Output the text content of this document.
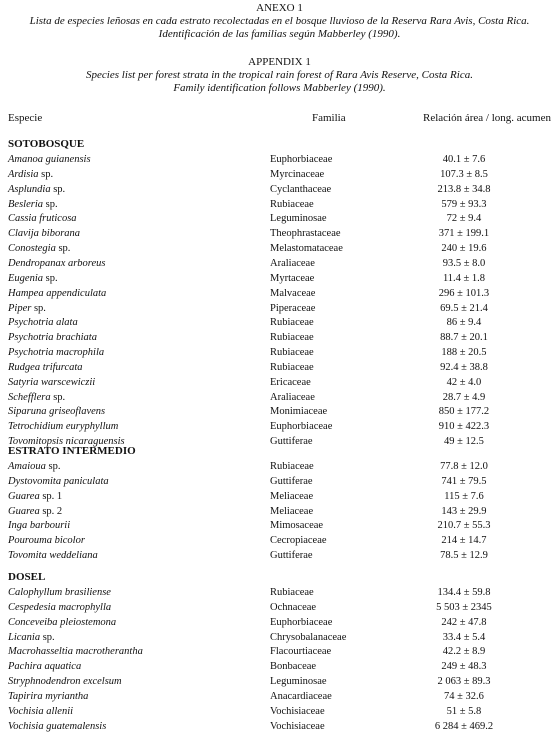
ANEXO 1
Lista de especies leñosas en cada estrato recolectadas en el bosque lluvioso de la Reserva Rara Avis, Costa Rica.
Identificación de las familias según Mabberley (1990).
APPENDIX 1
Species list per forest strata in the tropical rain forest of Rara Avis Reserve, Costa Rica.
Family identification follows Mabberley (1990).
Especie	Familia	Relación área / long. acumen
SOTOBOSQUE
Amanoa guianensis	Euphorbiaceae	40.1 ± 7.6
Ardisia sp.	Myrcinaceae	107.3 ± 8.5
Asplundia sp.	Cyclanthaceae	213.8 ± 34.8
Besleria sp.	Rubiaceae	579 ± 93.3
Cassia fruticosa	Leguminosae	72 ± 9.4
Clavija biborana	Theophrastaceae	371 ± 199.1
Conostegia sp.	Melastomataceae	240 ± 19.6
Dendropanax arboreus	Araliaceae	93.5 ± 8.0
Eugenia sp.	Myrtaceae	11.4 ± 1.8
Hampea appendiculata	Malvaceae	296 ± 101.3
Piper sp.	Piperaceae	69.5 ± 21.4
Psychotria alata	Rubiaceae	86 ± 9.4
Psychotria brachiata	Rubiaceae	88.7 ± 20.1
Psychotria macrophila	Rubiaceae	188 ± 20.5
Rudgea trifurcata	Rubiaceae	92.4 ± 38.8
Satyria warscewiczii	Ericaceae	42 ± 4.0
Schefflera sp.	Araliaceae	28.7 ± 4.9
Siparuna griseoflavens	Monimiaceae	850 ± 177.2
Tetrochidium euryphyllum	Euphorbiaceae	910 ± 422.3
Tovomitopsis nicaraguensis	Guttiferae	49 ± 12.5
ESTRATO INTERMEDIO
Amaioua sp.	Rubiaceae	77.8 ± 12.0
Dystovomita paniculata	Guttiferae	741 ± 79.5
Guarea sp. 1	Meliaceae	115 ± 7.6
Guarea sp. 2	Meliaceae	143 ± 29.9
Inga barbourii	Mimosaceae	210.7 ± 55.3
Pourouma bicolor	Cecropiaceae	214 ± 14.7
Tovomita weddeliana	Guttiferae	78.5 ± 12.9
DOSEL
Calophyllum brasiliense	Rubiaceae	134.4 ± 59.8
Cespedesia macrophylla	Ochnaceae	5 503 ± 2345
Conceveiba pleiostemona	Euphorbiaceae	242 ± 47.8
Licania sp.	Chrysobalanaceae	33.4 ± 5.4
Macrohasseltia macrotherantha	Flacourtiaceae	42.2 ± 8.9
Pachira aquatica	Bonbaceae	249 ± 48.3
Stryphnodendron excelsum	Leguminosae	2 063 ± 89.3
Tapirira myriantha	Anacardiaceae	74 ± 32.6
Vochisia allenii	Vochisiaceae	51 ± 5.8
Vochisia guatemalensis	Vochisiaceae	6 284 ± 469.2
